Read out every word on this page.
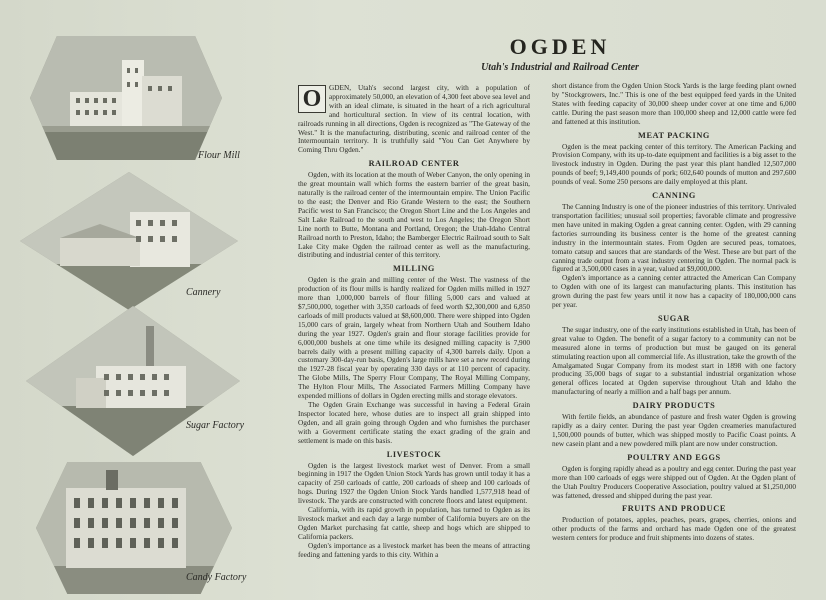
Flour Mill
Cannery
Sugar Factory
Candy Factory
OGDEN
Utah's Industrial and Railroad Center

O	GDEN, Utah's second largest city, with a population of approximately 50,000, an elevation of 4,300 feet above sea level and with an ideal climate, is situated in the heart of a rich agricultural and horticultural section. In view of its central location, with railroads running in all directions, Ogden is recognized as "The Gateway of the West." It is the manufacturing, distributing, scenic and railroad center of the Intermountain territory. It is truthfully said "You Can Get Anywhere by Coming Thru Ogden."

RAILROAD CENTER

Ogden, with its location at the mouth of Weber Canyon, the only opening in the great mountain wall which forms the eastern barrier of the great basin, naturally is the railroad center of the intermountain empire. The Union Pacific to the east; the Denver and Rio Grande Western to the east; the Southern Pacific west to San Francisco; the Oregon Short Line and the Los Angeles and Salt Lake Railroad to the south and west to Los Angeles; the Oregon Short Line north to Butte, Montana and Portland, Oregon; the Utah-Idaho Central Railroad north to Preston, Idaho; the Bamberger Electric Railroad south to Salt Lake City make Ogden the railroad center as well as the manufacturing, distributing and industrial center of this territory.

MILLING

Ogden is the grain and milling center of the West. The vastness of the production of its flour mills is hardly realized for Ogden mills milled in 1927 more than 1,000,000 barrels of flour filling 5,000 cars and valued at $7,500,000, together with 3,350 carloads of feed worth $2,300,000 and 6,850 carloads of mill products valued at $8,600,000. There were shipped into Ogden 15,000 cars of grain, largely wheat from Northern Utah and Southern Idaho during the year 1927. Ogden's grain and flour storage facilities provide for 6,000,000 bushels at one time while its designed milling capacity is 7,900 barrels daily with a present milling capacity of 4,300 barrels daily. Upon a customary 300-day-run basis, Ogden's large mills have set a new record during the 1927-28 fiscal year by operating 330 days or at 110 percent of capacity. The Globe Mills, The Sperry Flour Company, The Royal Milling Company, The Hylton Flour Mills, The Associated Farmers Milling Company have expended millions of dollars in Ogden erecting mills and storage elevators.

The Ogden Grain Exchange was successful in having a Federal Grain Inspector located here, whose duties are to inspect all grain shipped into Ogden, and all grain going through Ogden and who furnishes the purchaser with a Goverment certificate stating the exact grading of the grain and settlement is made on this basis.

LIVESTOCK

Ogden is the largest livestock market west of Denver. From a small beginning in 1917 the Ogden Union Stock Yards has grown until today it has a capacity of 250 carloads of cattle, 200 carloads of sheep and 100 carloads of hogs. During 1927 the Ogden Union Stock Yards handled 1,577,918 head of livestock. The yards are constructed with concrete floors and latest equipment.

California, with its rapid growth in population, has turned to Ogden as its livestock market and each day a large number of California buyers are on the Ogden Market purchasing fat cattle, sheep and hogs which are shipped to California packers.

Ogden's importance as a livestock market has been the means of attracting feeding and fattening yards to this city. Within a

short distance from the Ogden Union Stock Yards is the large feeding plant owned by "Stockgrowers, Inc." This is one of the best equipped feed yards in the United States with feeding capacity of 30,000 sheep under cover at one time and 6,000 cattle. During the past season more than 100,000 sheep and 12,000 cattle were fed and fattened at this institution.

MEAT PACKING

Ogden is the meat packing center of this territory. The American Packing and Provision Company, with its up-to-date equipment and facilities is a big asset to the livestock industry in Ogden. During the past year this plant handled 12,507,000 pounds of beef; 9,149,400 pounds of pork; 602,640 pounds of mutton and 297,600 pounds of veal. Some 250 persons are daily employed at this plant.

CANNING

The Canning Industry is one of the pioneer industries of this territory. Unrivaled transportation facilities; unusual soil properties; favorable climate and progressive men have united in making Ogden a great canning center. Ogden, with 29 canning factories surrounding its business center is the home of the greatest canning industry in the intermountain states. From Ogden are secured peas, tomatoes, tomato catsup and sauces that are standards of the West. These are but part of the canning trade output from a vast industry centering in Ogden. The normal pack is figured at 3,500,000 cases in a year, valued at $9,000,000.

Ogden's importance as a canning center attracted the American Can Company to Ogden with one of its largest can manufacturing plants. This institution has grown during the past few years until it now has a capacity of 180,000,000 cans per year.

SUGAR

The sugar industry, one of the early institutions established in Utah, has been of great value to Ogden. The benefit of a sugar factory to a community can not be measured alone in terms of production but must be gauged on its general stimulating reaction upon all commercial life. As illustration, take the growth of the Amalgamated Sugar Company from its modest start in 1898 with one factory producing 35,000 bags of sugar to a substantial industrial organization whose general offices located at Ogden supervise throughout Utah and Idaho the manufacturing of nearly a million and a half bags per annum.

DAIRY PRODUCTS

With fertile fields, an abundance of pasture and fresh water Ogden is growing rapidly as a dairy center. During the past year Ogden creameries manufactured 1,500,000 pounds of butter, which was shipped mostly to Pacific Coast points. A new casein plant and a new powdered milk plant are now under construction.

POULTRY AND EGGS

Ogden is forging rapidly ahead as a poultry and egg center. During the past year more than 100 carloads of eggs were shipped out of Ogden. At the Ogden plant of the Utah Poultry Producers Cooperative Association, poultry valued at $1,250,000 was fattened, dressed and shipped during the past year.

FRUITS AND PRODUCE

Production of potatoes, apples, peaches, pears, grapes, cherries, onions and other products of the farms and orchard has made Ogden one of the greatest western centers for produce and fruit shipments into dozens of states.
